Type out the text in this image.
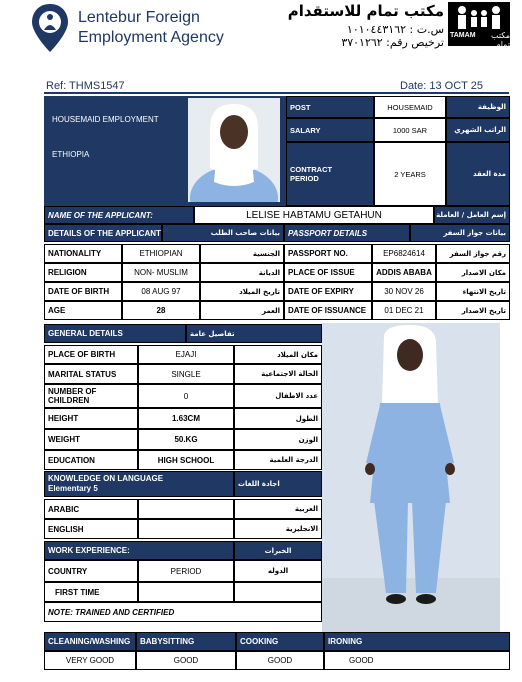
Lentebur Foreign
Employment Agency
مكتب تمام للاستقدام
س.ت : ١٠١٠٤٤٣١٦٢
ترخيص رقم: ٣٧٠١٢٦٢
TAMAM	مكتب تمام
Ref: THMS1547	Date: 13 OCT 25
HOUSEMAID EMPLOYMENT
ETHIOPIA
POST	HOUSEMAID	الوظيفة
SALARY	1000 SAR	الراتب الشهري
CONTRACT
PERIOD	2 YEARS	مدة العقد
NAME OF THE APPLICANT:	LELISE HABTAMU GETAHUN	إسم العامل / العاملة
DETAILS OF THE APPLICANT	بيانات صاحب الطلب	PASSPORT DETAILS	بيانات جواز السفر
NATIONALITY	ETHIOPIAN	الجنسية	PASSPORT NO.	EP6824614	رقم جواز السفر
RELIGION	NON- MUSLIM	الديانة	PLACE OF ISSUE	ADDIS ABABA	مكان الاصدار
DATE OF BIRTH	08 AUG 97	تاريخ الميلاد	DATE OF EXPIRY	30 NOV 26	تاريخ الانتهاء
AGE	28	العمر	DATE OF ISSUANCE	01 DEC 21	تاريخ الاصدار
GENERAL DETAILS	تفاصيل عامة
PLACE OF BIRTH	EJAJI	مكان الميلاد
MARITAL STATUS	SINGLE	الحالة الاجتماعية
NUMBER OF
CHILDREN	0	عدد الاطفال
HEIGHT	1.63CM	الطول
WEIGHT	50.KG	الوزن
EDUCATION	HIGH SCHOOL	الدرجة العلمية
KNOWLEDGE ON LANGUAGE
Elementary 5	اجادة اللغات
ARABIC	العربية
ENGLISH	الانجليزية
WORK EXPERIENCE:	الخبرات
COUNTRY	PERIOD	الدوله
FIRST TIME
NOTE: TRAINED AND CERTIFIED
CLEANING/WASHING	BABYSITTING	COOKING	IRONING
VERY GOOD	GOOD	GOOD	GOOD
